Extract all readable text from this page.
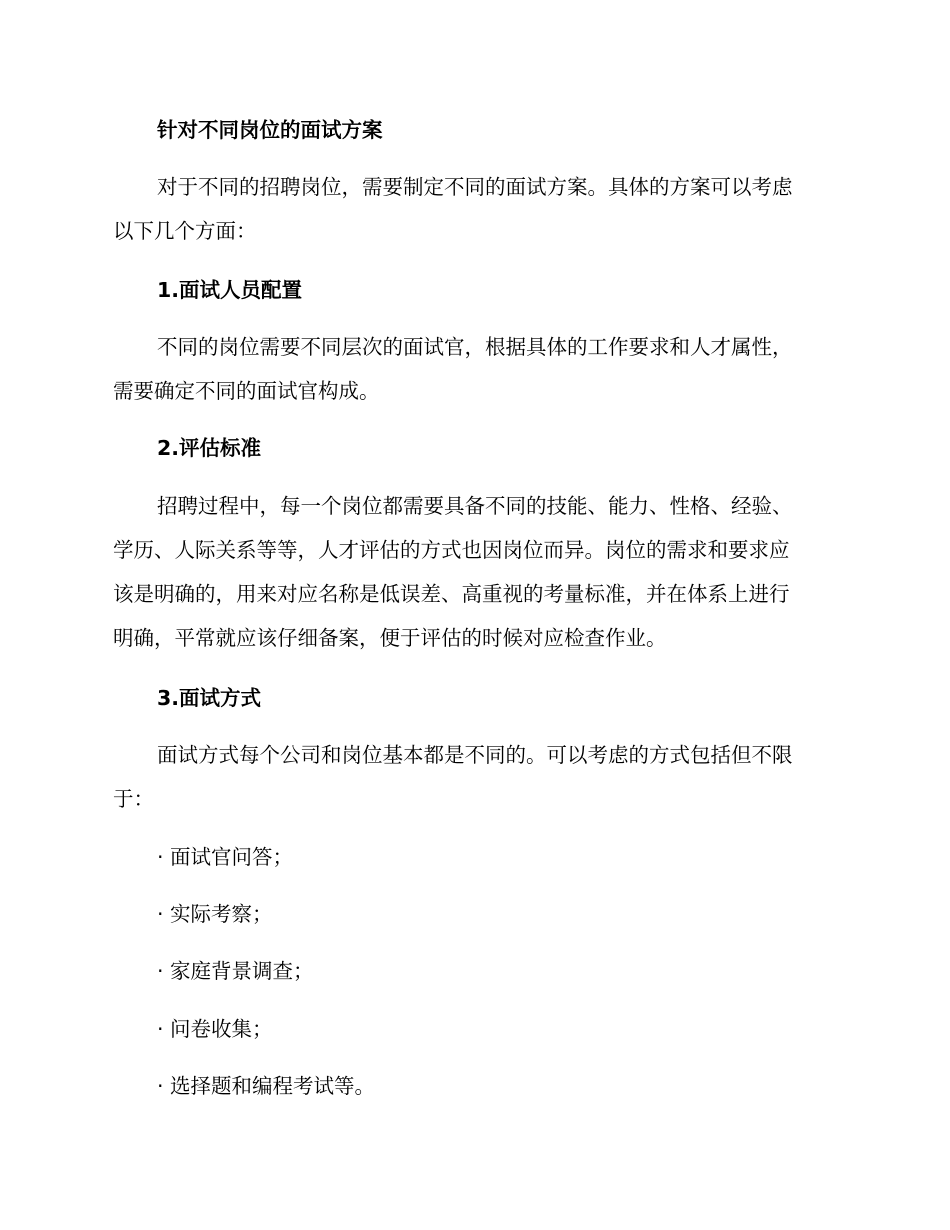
针对不同岗位的面试方案
对于不同的招聘岗位，需要制定不同的面试方案。具体的方案可以考虑
以下几个方面：
1.面试人员配置
不同的岗位需要不同层次的面试官，根据具体的工作要求和人才属性，
需要确定不同的面试官构成。
2.评估标准
招聘过程中，每一个岗位都需要具备不同的技能、能力、性格、经验、
学历、人际关系等等，人才评估的方式也因岗位而异。岗位的需求和要求应
该是明确的，用来对应名称是低误差、高重视的考量标准，并在体系上进行
明确，平常就应该仔细备案，便于评估的时候对应检查作业。
3.面试方式
面试方式每个公司和岗位基本都是不同的。可以考虑的方式包括但不限
于：
· 面试官问答；
· 实际考察；
· 家庭背景调查；
· 问卷收集；
· 选择题和编程考试等。
